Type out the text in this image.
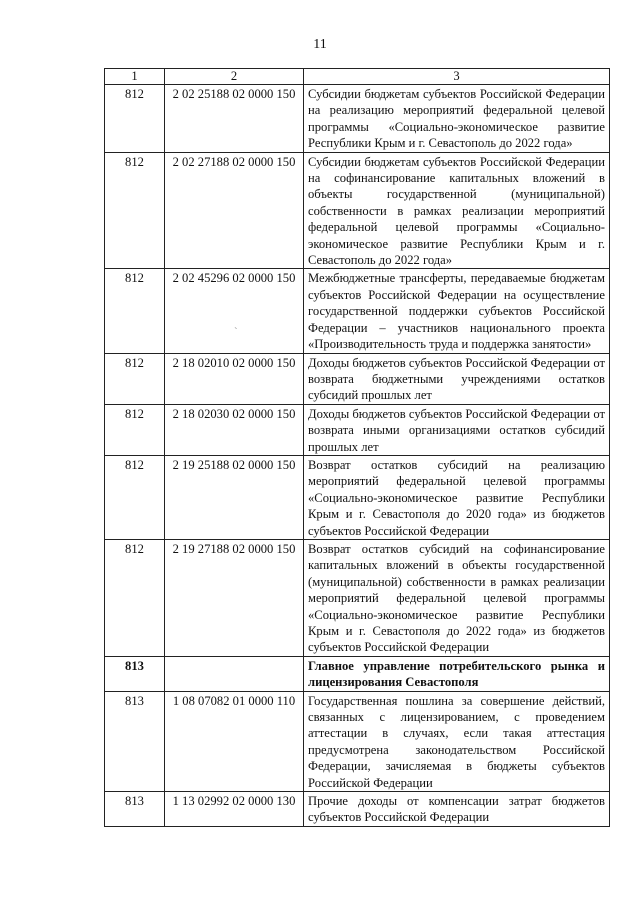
11
1	2	3
812	2 02 25188 02 0000 150	Субсидии бюджетам субъектов Российской Федерации на реализацию мероприятий федеральной целевой программы «Социально-экономическое развитие Республики Крым и г. Севастополь до 2022 года»
812	2 02 27188 02 0000 150	Субсидии бюджетам субъектов Российской Федерации на софинансирование капитальных вложений в объекты государственной (муниципальной) собственности в рамках реализации мероприятий федеральной целевой программы «Социально-экономическое развитие Республики Крым и г. Севастополь до 2022 года»
812	2 02 45296 02 0000 150	Межбюджетные трансферты, передаваемые бюджетам субъектов Российской Федерации на осуществление государственной поддержки субъектов Российской Федерации – участников национального проекта «Производительность труда и поддержка занятости»
812	2 18 02010 02 0000 150	Доходы бюджетов субъектов Российской Федерации от возврата бюджетными учреждениями остатков субсидий прошлых лет
812	2 18 02030 02 0000 150	Доходы бюджетов субъектов Российской Федерации от возврата иными организациями остатков субсидий прошлых лет
812	2 19 25188 02 0000 150	Возврат остатков субсидий на реализацию мероприятий федеральной целевой программы «Социально-экономическое развитие Республики Крым и г. Севастополя до 2020 года» из бюджетов субъектов Российской Федерации
812	2 19 27188 02 0000 150	Возврат остатков субсидий на софинансирование капитальных вложений в объекты государственной (муниципальной) собственности в рамках реализации мероприятий федеральной целевой программы «Социально-экономическое развитие Республики Крым и г. Севастополя до 2022 года» из бюджетов субъектов Российской Федерации
813		Главное управление потребительского рынка и лицензирования Севастополя
813	1 08 07082 01 0000 110	Государственная пошлина за совершение действий, связанных с лицензированием, с проведением аттестации в случаях, если такая аттестация предусмотрена законодательством Российской Федерации, зачисляемая в бюджеты субъектов Российской Федерации
813	1 13 02992 02 0000 130	Прочие доходы от компенсации затрат бюджетов субъектов Российской Федерации
ˋ
